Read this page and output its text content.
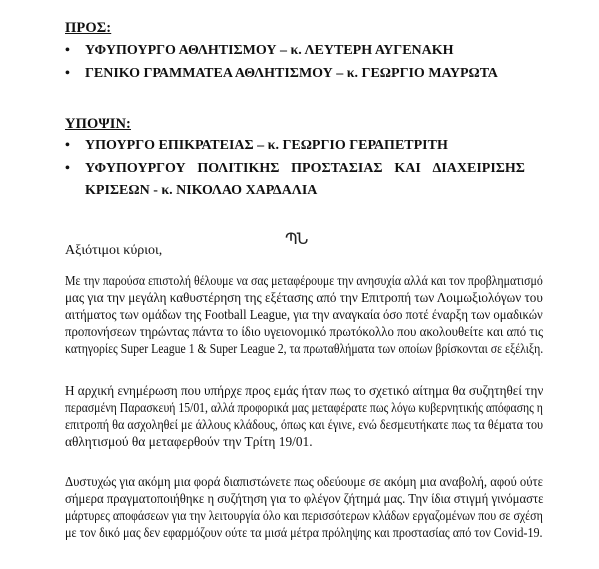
ΠΡΟΣ:
•	ΥΦΥΠΟΥΡΓΟ ΑΘΛΗΤΙΣΜΟΥ – κ. ΛΕΥΤΕΡΗ ΑΥΓΕΝΑΚΗ
•	ΓΕΝΙΚΟ ΓΡΑΜΜΑΤΕΑ ΑΘΛΗΤΙΣΜΟΥ – κ. ΓΕΩΡΓΙΟ ΜΑΥΡΩΤΑ
ΥΠΟΨΙΝ:
•	ΥΠΟΥΡΓΟ ΕΠΙΚΡΑΤΕΙΑΣ – κ. ΓΕΩΡΓΙΟ ΓΕΡΑΠΕΤΡΙΤΗ
•	ΥΦΥΠΟΥΡΓΟΥ ΠΟΛΙΤΙΚΗΣ ΠΡΟΣΤΑΣΙΑΣ ΚΑΙ ΔΙΑΧΕΙΡΙΣΗΣ
ΚΡΙΣΕΩΝ - κ. ΝΙΚΟΛΑΟ ΧΑΡΔΑΛΙΑ
ՊՆ
Αξιότιμοι κύριοι,
Με την παρούσα επιστολή θέλουμε να σας μεταφέρουμε την ανησυχία αλλά και τον προβληματισμό
μας για την μεγάλη καθυστέρηση της εξέτασης από την Επιτροπή των Λοιμωξιολόγων του
αιτήματος των ομάδων της Football League, για την αναγκαία όσο ποτέ έναρξη των ομαδικών
προπονήσεων τηρώντας πάντα το ίδιο υγειονομικό πρωτόκολλο που ακολουθείτε και από τις
κατηγορίες Super League 1 & Super League 2, τα πρωταθλήματα των οποίων βρίσκονται σε εξέλιξη.
Η αρχική ενημέρωση που υπήρχε προς εμάς ήταν πως το σχετικό αίτημα θα συζητηθεί την
περασμένη Παρασκευή 15/01, αλλά προφορικά μας μεταφέρατε πως λόγω κυβερνητικής απόφασης η
επιτροπή θα ασχοληθεί με άλλους κλάδους, όπως και έγινε, ενώ δεσμευτήκατε πως τα θέματα του
αθλητισμού θα μεταφερθούν την Τρίτη 19/01.
Δυστυχώς για ακόμη μια φορά διαπιστώνετε πως οδεύουμε σε ακόμη μια αναβολή, αφού ούτε
σήμερα πραγματοποιήθηκε η συζήτηση για το φλέγον ζήτημά μας. Την ίδια στιγμή γινόμαστε
μάρτυρες αποφάσεων για την λειτουργία όλο και περισσότερων κλάδων εργαζομένων που σε σχέση
με τον δικό μας δεν εφαρμόζουν ούτε τα μισά μέτρα πρόληψης και προστασίας από τον Covid-19.
